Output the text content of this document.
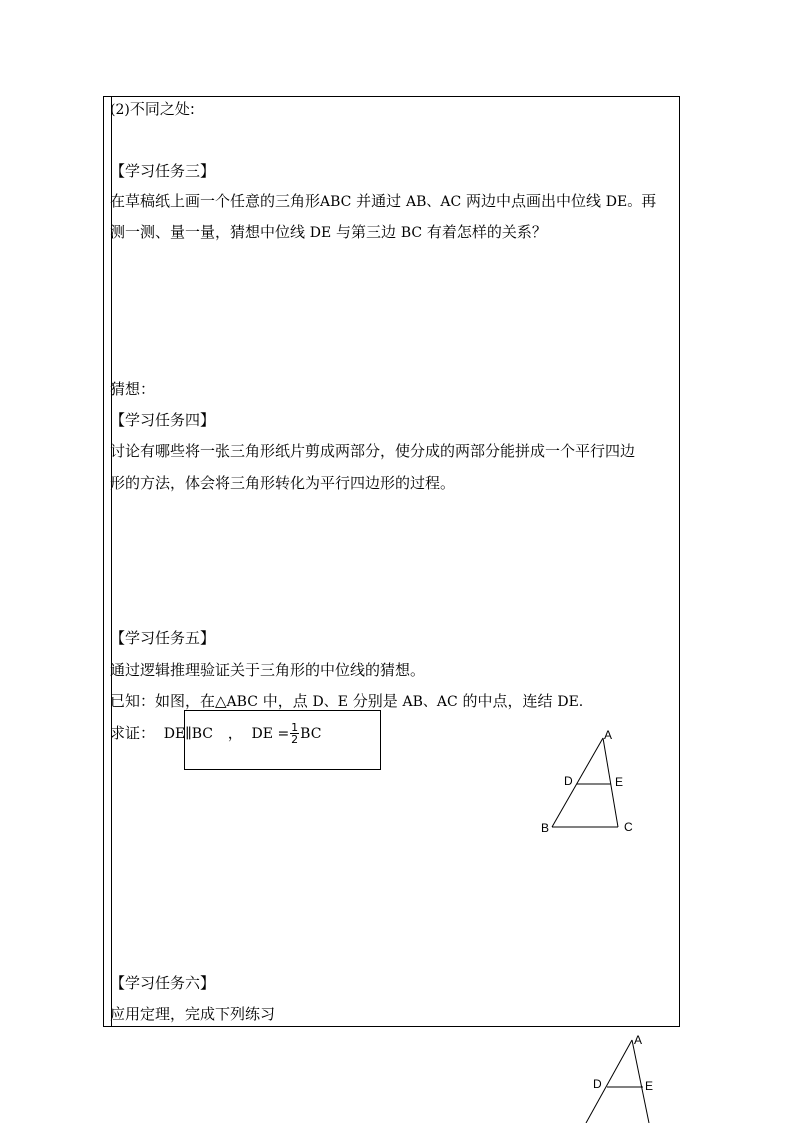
(2)不同之处:
【学习任务三】
在草稿纸上画一个任意的三角形ABC 并通过 AB、AC 两边中点画出中位线 DE。再
测一测、量一量，猜想中位线 DE 与第三边 BC 有着怎样的关系？
猜想：
【学习任务四】
讨论有哪些将一张三角形纸片剪成两部分，使分成的两部分能拼成一个平行四边
形的方法，体会将三角形转化为平行四边形的过程。
【学习任务五】
通过逻辑推理验证关于三角形的中位线的猜想。
已知：如图，在△ABC 中，点 D、E 分别是 AB、AC 的中点，连结 DE.
求证： DE∥BC ， DE = $\frac{1}{2}$ BC
【学习任务六】
应用定理，完成下列练习
A
D	E
B	C
A
D	E
